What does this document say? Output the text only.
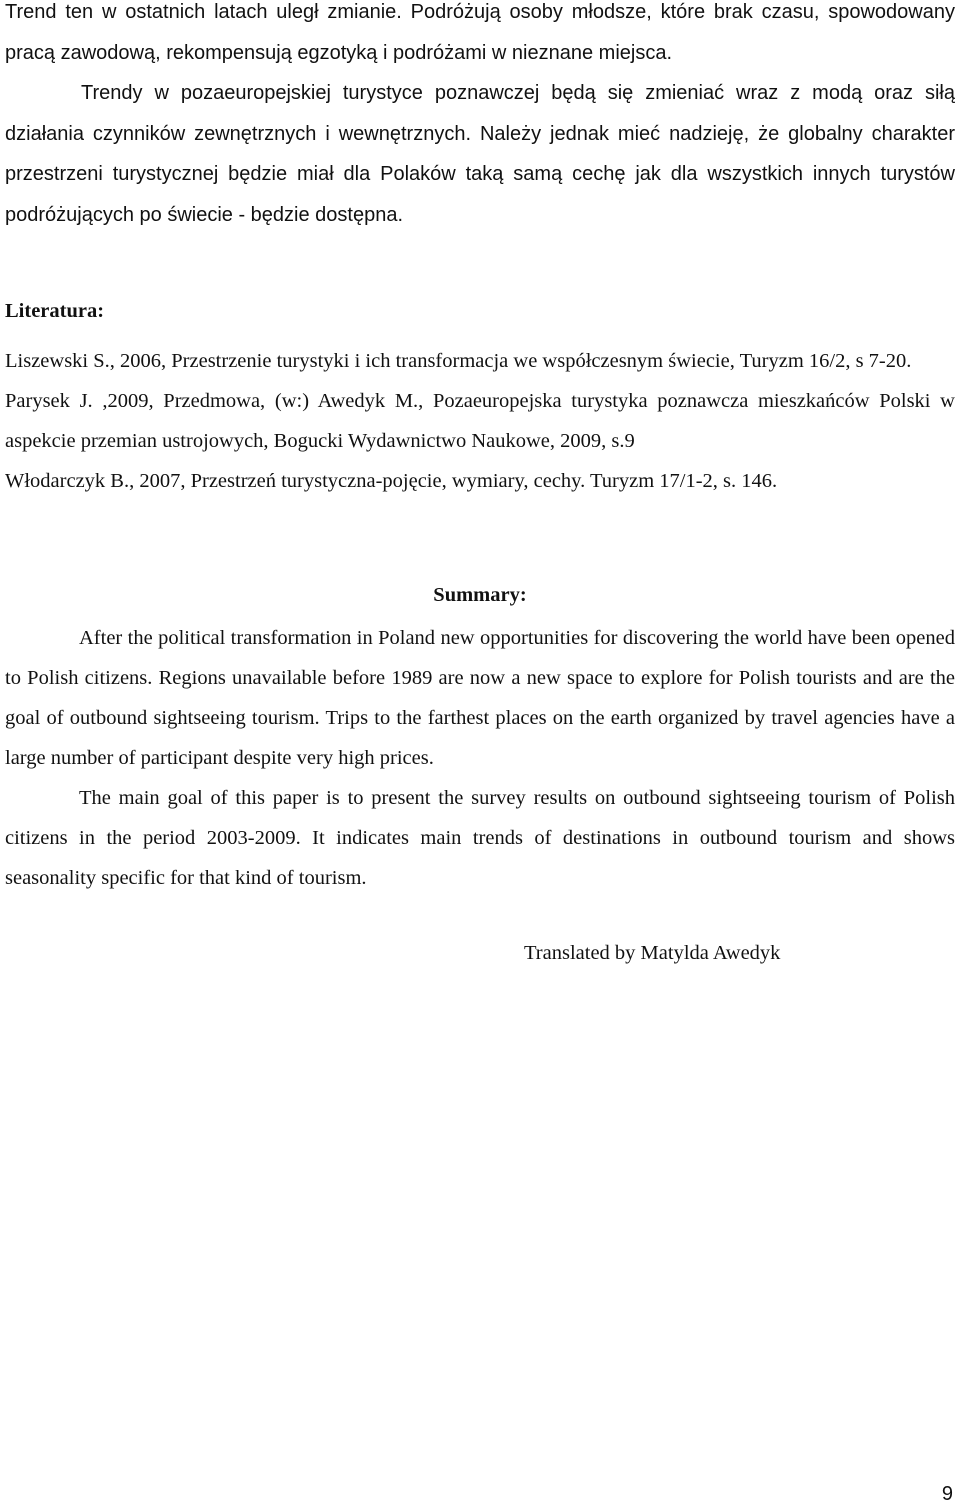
Trend ten w ostatnich latach uległ zmianie. Podróżują osoby młodsze, które brak czasu, spowodowany pracą zawodową, rekompensują egzotyką i podróżami w nieznane miejsca.
Trendy w pozaeuropejskiej turystyce poznawczej będą się zmieniać wraz z modą oraz siłą działania czynników zewnętrznych i wewnętrznych. Należy jednak mieć nadzieję, że globalny charakter przestrzeni turystycznej będzie miał dla Polaków taką samą cechę jak dla wszystkich innych turystów podróżujących po świecie - będzie dostępna.

Literatura:

Liszewski S., 2006, Przestrzenie turystyki i ich transformacja we współczesnym świecie, Turyzm 16/2, s 7-20.

Parysek J. ,2009, Przedmowa, (w:) Awedyk M., Pozaeuropejska turystyka poznawcza mieszkańców Polski w aspekcie przemian ustrojowych, Bogucki Wydawnictwo Naukowe, 2009, s.9

Włodarczyk B., 2007, Przestrzeń turystyczna-pojęcie, wymiary, cechy. Turyzm 17/1-2, s. 146.

Summary:

After the political transformation in Poland new opportunities for discovering the world have been opened to Polish citizens. Regions unavailable before 1989 are now a new space to explore for Polish tourists and are the goal of outbound sightseeing tourism. Trips to the farthest places on the earth organized by travel agencies have a large number of participant despite very high prices.

The main goal of this paper is to present the survey results on outbound sightseeing tourism of Polish citizens in the period 2003-2009. It indicates main trends of destinations in outbound tourism and shows seasonality specific for that kind of tourism.

Translated by Matylda Awedyk

9
